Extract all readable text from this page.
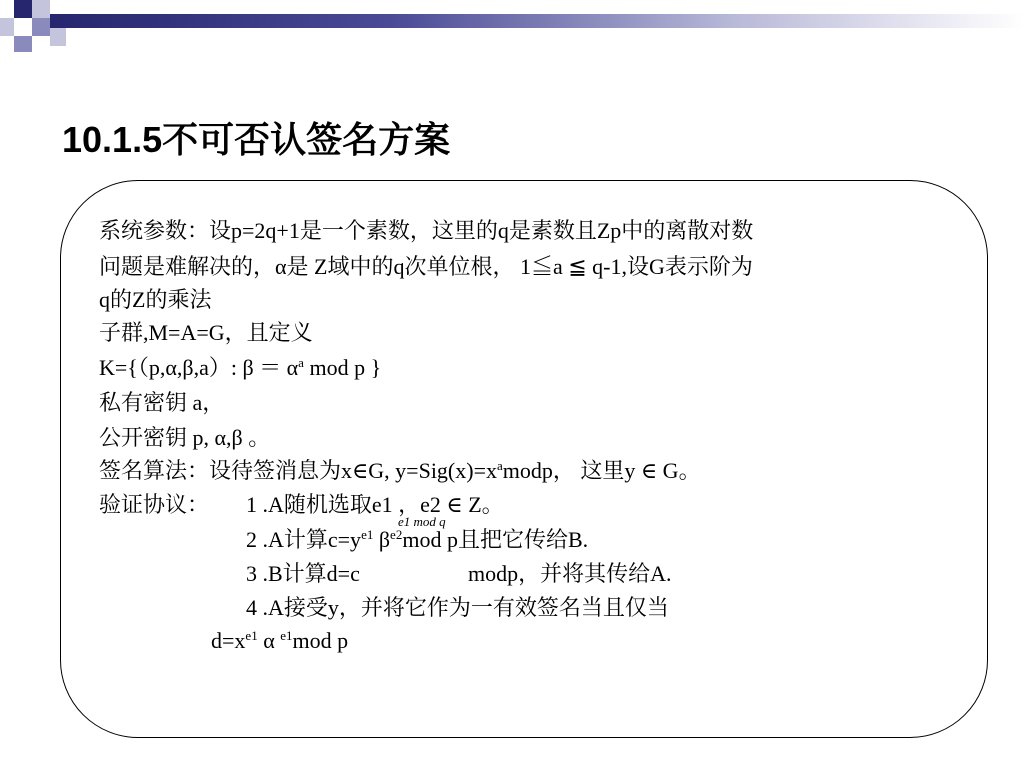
10.1.5不可否认签名方案
系统参数：设p=2q+1是一个素数，这里的q是素数且Zp中的离散对数
问题是难解决的，α是 Z域中的q次单位根， 1≦a ≦ q-1,设G表示阶为
q的Z的乘法
子群,M=A=G，且定义
K={（p,α,β,a）: $\beta = \alpha^a$ mod p }
私有密钥 a，
公开密钥 p, α,β 。
签名算法：设待签消息为x∈G, $y=Sig(x)=x^amodp$， 这里y ∈ G。
验证协议： 1 .A随机选取e1 ，e2 ∈ Z。
e1 mod q
2 .A计算$c=y^{e1}$ $\beta^{e2}mod$ p且把它传给B.
3 .B计算d=c	modp，并将其传给A.
4 .A接受y，并将它作为一有效签名当且仅当
$d=x^{e1}$ α $^{e1}$mod p
